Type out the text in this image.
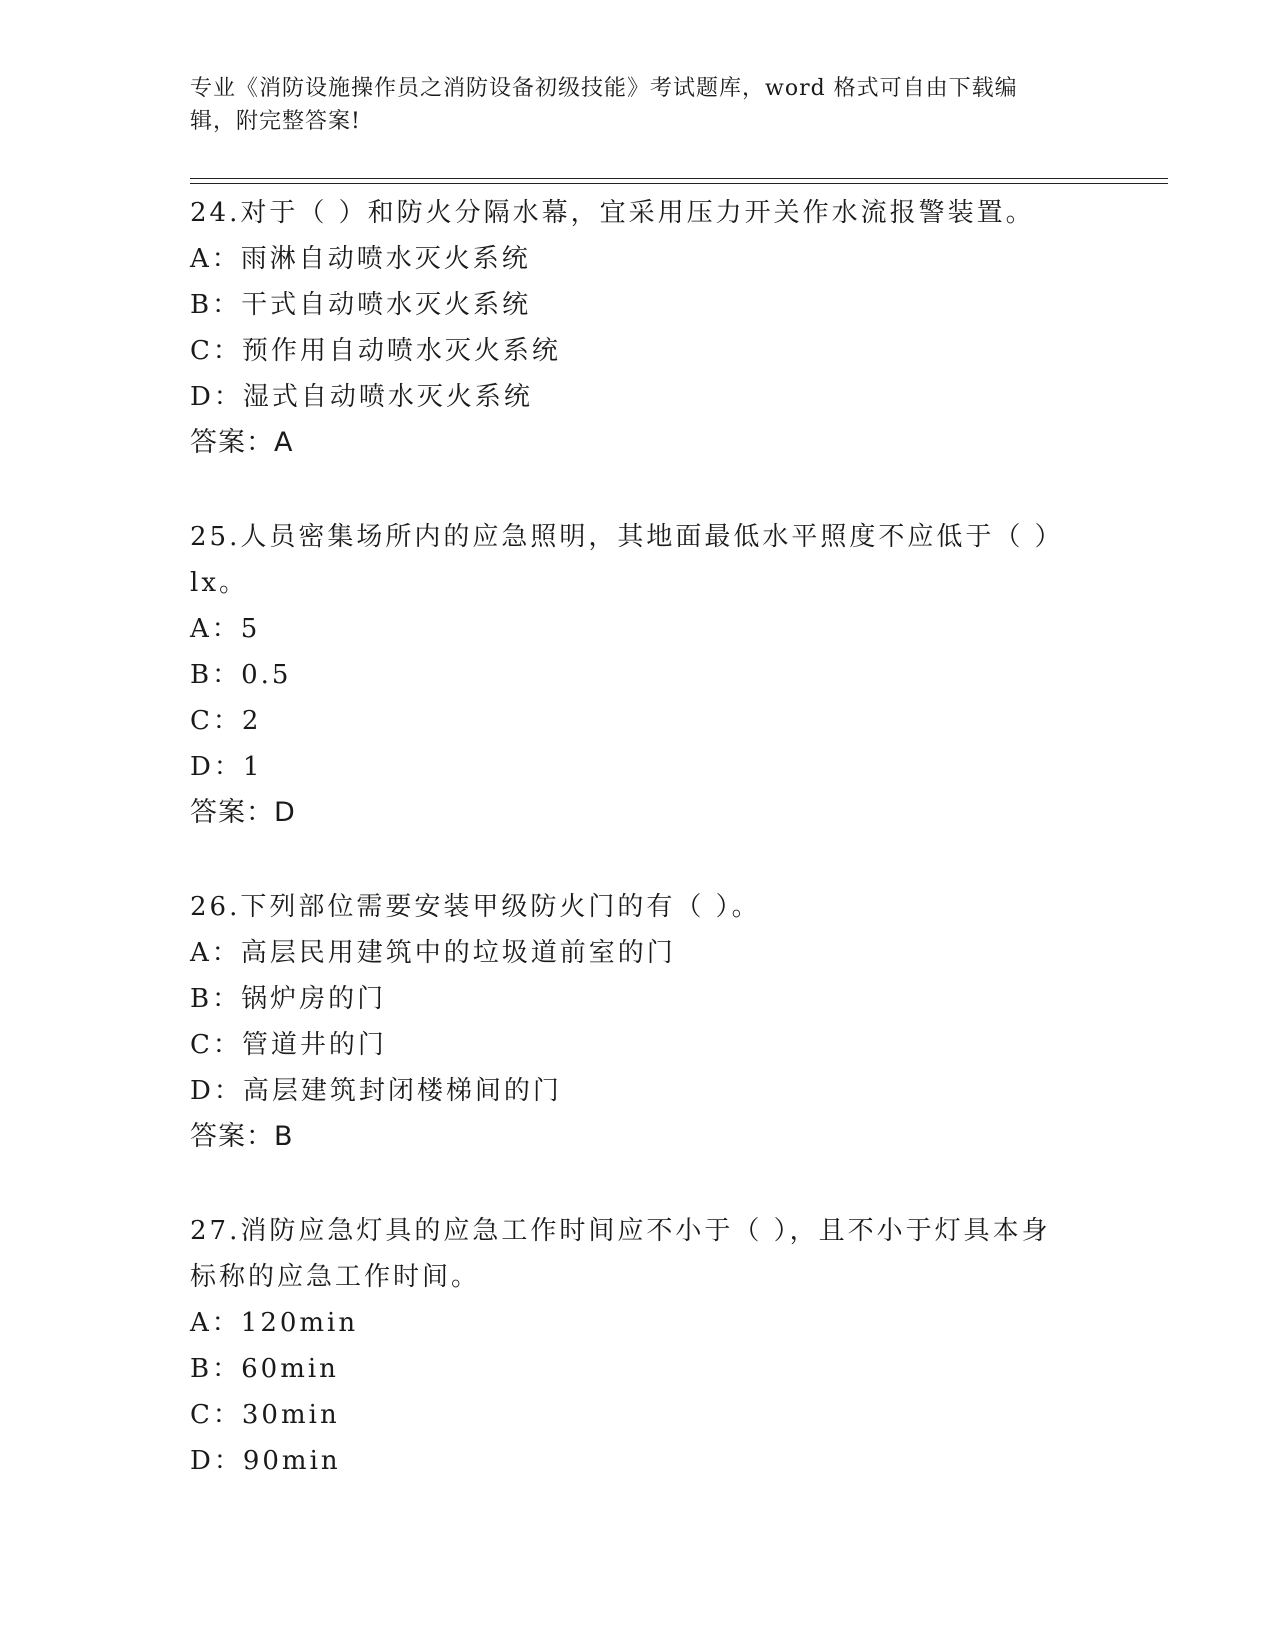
专业《消防设施操作员之消防设备初级技能》考试题库，word 格式可自由下载编
辑，附完整答案!
24.对于（ ）和防火分隔水幕，宜采用压力开关作水流报警装置。
A：雨淋自动喷水灭火系统
B：干式自动喷水灭火系统
C：预作用自动喷水灭火系统
D：湿式自动喷水灭火系统
答案：A
25.人员密集场所内的应急照明，其地面最低水平照度不应低于（ ）
lx。
A：5
B：0.5
C：2
D：1
答案：D
26.下列部位需要安装甲级防火门的有（ ）。
A：高层民用建筑中的垃圾道前室的门
B：锅炉房的门
C：管道井的门
D：高层建筑封闭楼梯间的门
答案：B
27.消防应急灯具的应急工作时间应不小于（ ），且不小于灯具本身
标称的应急工作时间。
A：120min
B：60min
C：30min
D：90min
